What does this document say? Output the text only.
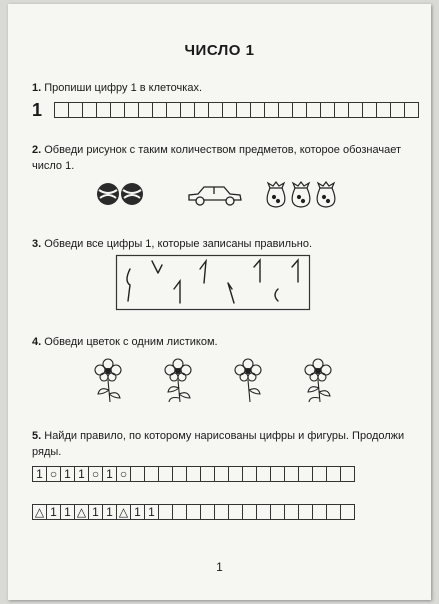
ЧИСЛО 1
1. Пропиши цифру 1 в клеточках.
1
2. Обведи рисунок с таким количеством предметов, которое обозначает число 1.
3. Обведи все цифры 1, которые записаны правильно.
4. Обведи цветок с одним листиком.
5. Найди правило, по которому нарисованы цифры и фигуры. Продолжи ряды.
1 ○ 1 1 ○ 1 ○
△ 1 1 △ 1 1 △ 1 1
1
